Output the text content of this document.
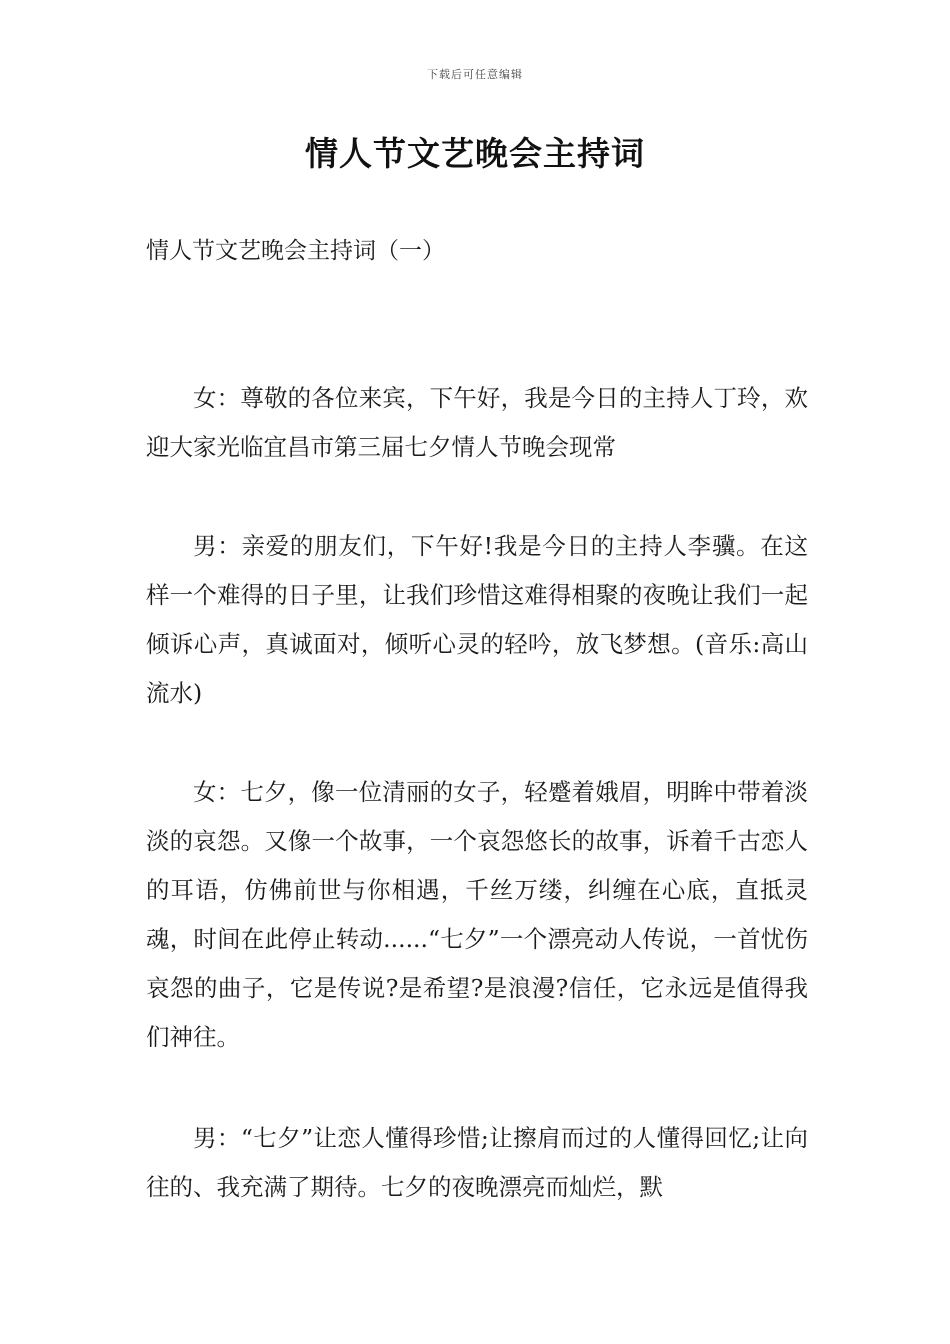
下载后可任意编辑
情人节文艺晚会主持词
情人节文艺晚会主持词（一）

女：尊敬的各位来宾，下午好，我是今日的主持人丁玲，欢迎大家光临宜昌市第三届七夕情人节晚会现常

男：亲爱的朋友们，下午好!我是今日的主持人李骥。在这样一个难得的日子里，让我们珍惜这难得相聚的夜晚让我们一起倾诉心声，真诚面对，倾听心灵的轻吟，放飞梦想。(音乐:高山流水)

女：七夕，像一位清丽的女子，轻蹙着娥眉，明眸中带着淡淡的哀怨。又像一个故事，一个哀怨悠长的故事，诉着千古恋人的耳语，仿佛前世与你相遇，千丝万缕，纠缠在心底，直抵灵魂，时间在此停止转动......“七夕”一个漂亮动人传说，一首忧伤哀怨的曲子，它是传说?是希望?是浪漫?信任，它永远是值得我们神往。

男：“七夕”让恋人懂得珍惜;让擦肩而过的人懂得回忆;让向往的、我充满了期待。七夕的夜晚漂亮而灿烂，默
